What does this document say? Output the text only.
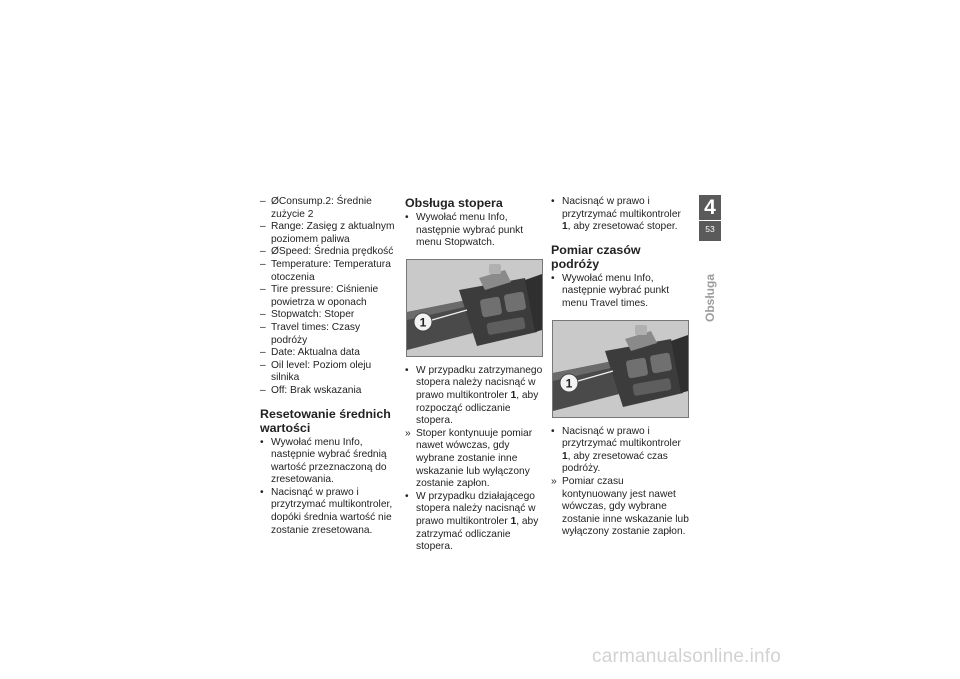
– ØConsump.2: Średnie zużycie 2
– Range: Zasięg z aktualnym poziomem paliwa
– ØSpeed: Średnia prędkość
– Temperature: Temperatura otoczenia
– Tire pressure: Ciśnienie powietrza w oponach
– Stopwatch: Stoper
– Travel times: Czasy podróży
– Date: Aktualna data
– Oil level: Poziom oleju silnika
– Off: Brak wskazania
Resetowanie średnich wartości
• Wywołać menu Info, następnie wybrać średnią wartość przeznaczoną do zresetowania.
• Nacisnąć w prawo i przytrzymać multikontroler, dopóki średnia wartość nie zostanie zresetowana.
Obsługa stopera
• Wywołać menu Info, następnie wybrać punkt menu Stopwatch.
1
• W przypadku zatrzymanego stopera należy nacisnąć w prawo multikontroler 1, aby rozpocząć odliczanie stopera.
» Stoper kontynuuje pomiar nawet wówczas, gdy wybrane zostanie inne wskazanie lub wyłączony zostanie zapłon.
• W przypadku działającego stopera należy nacisnąć w prawo multikontroler 1, aby zatrzymać odliczanie stopera.
• Nacisnąć w prawo i przytrzymać multikontroler 1, aby zresetować stoper.
Pomiar czasów podróży
• Wywołać menu Info, następnie wybrać punkt menu Travel times.
1
• Nacisnąć w prawo i przytrzymać multikontroler 1, aby zresetować czas podróży.
» Pomiar czasu kontynuowany jest nawet wówczas, gdy wybrane zostanie inne wskazanie lub wyłączony zostanie zapłon.
4
53
Obsługa
carmanualsonline.info
